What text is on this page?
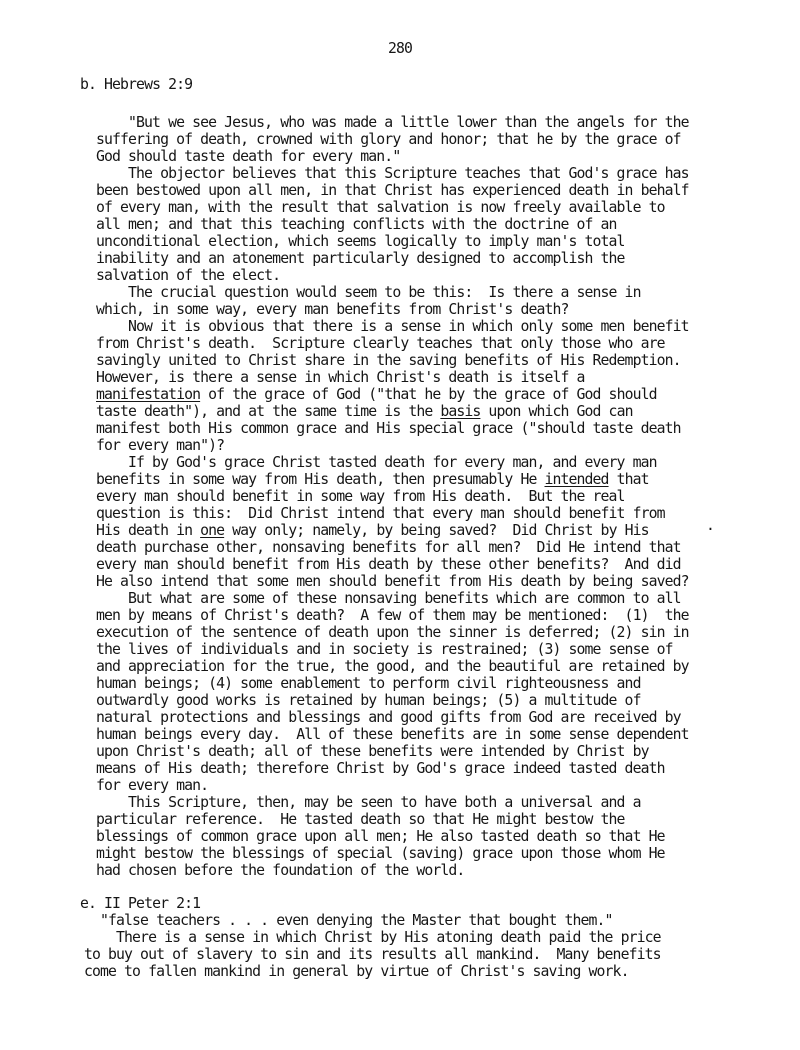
280
b. Hebrews 2:9

"But we see Jesus, who was made a little lower than the angels for the
suffering of death, crowned with glory and honor; that he by the grace of
God should taste death for every man."

The objector believes that this Scripture teaches that God's grace has
been bestowed upon all men, in that Christ has experienced death in behalf
of every man, with the result that salvation is now freely available to
all men; and that this teaching conflicts with the doctrine of an
unconditional election, which seems logically to imply man's total
inability and an atonement particularly designed to accomplish the
salvation of the elect.

The crucial question would seem to be this:  Is there a sense in
which, in some way, every man benefits from Christ's death?

Now it is obvious that there is a sense in which only some men benefit
from Christ's death.  Scripture clearly teaches that only those who are
savingly united to Christ share in the saving benefits of His Redemption.
However, is there a sense in which Christ's death is itself a
manifestation of the grace of God ("that he by the grace of God should
taste death"), and at the same time is the basis upon which God can
manifest both His common grace and His special grace ("should taste death
for every man")?

If by God's grace Christ tasted death for every man, and every man
benefits in some way from His death, then presumably He intended that
every man should benefit in some way from His death.  But the real
question is this:  Did Christ intend that every man should benefit from
His death in one way only; namely, by being saved?  Did Christ by His
death purchase other, nonsaving benefits for all men?  Did He intend that
every man should benefit from His death by these other benefits?  And did
He also intend that some men should benefit from His death by being saved?

But what are some of these nonsaving benefits which are common to all
men by means of Christ's death?  A few of them may be mentioned:  (1)  the
execution of the sentence of death upon the sinner is deferred; (2) sin in
the lives of individuals and in society is restrained; (3) some sense of
and appreciation for the true, the good, and the beautiful are retained by
human beings; (4) some enablement to perform civil righteousness and
outwardly good works is retained by human beings; (5) a multitude of
natural protections and blessings and good gifts from God are received by
human beings every day.  All of these benefits are in some sense dependent
upon Christ's death; all of these benefits were intended by Christ by
means of His death; therefore Christ by God's grace indeed tasted death
for every man.

This Scripture, then, may be seen to have both a universal and a
particular reference.  He tasted death so that He might bestow the
blessings of common grace upon all men; He also tasted death so that He
might bestow the blessings of special (saving) grace upon those whom He
had chosen before the foundation of the world.

.
e. II Peter 2:1

"false teachers . . . even denying the Master that bought them."

There is a sense in which Christ by His atoning death paid the price
to buy out of slavery to sin and its results all mankind.  Many benefits
come to fallen mankind in general by virtue of Christ's saving work.
